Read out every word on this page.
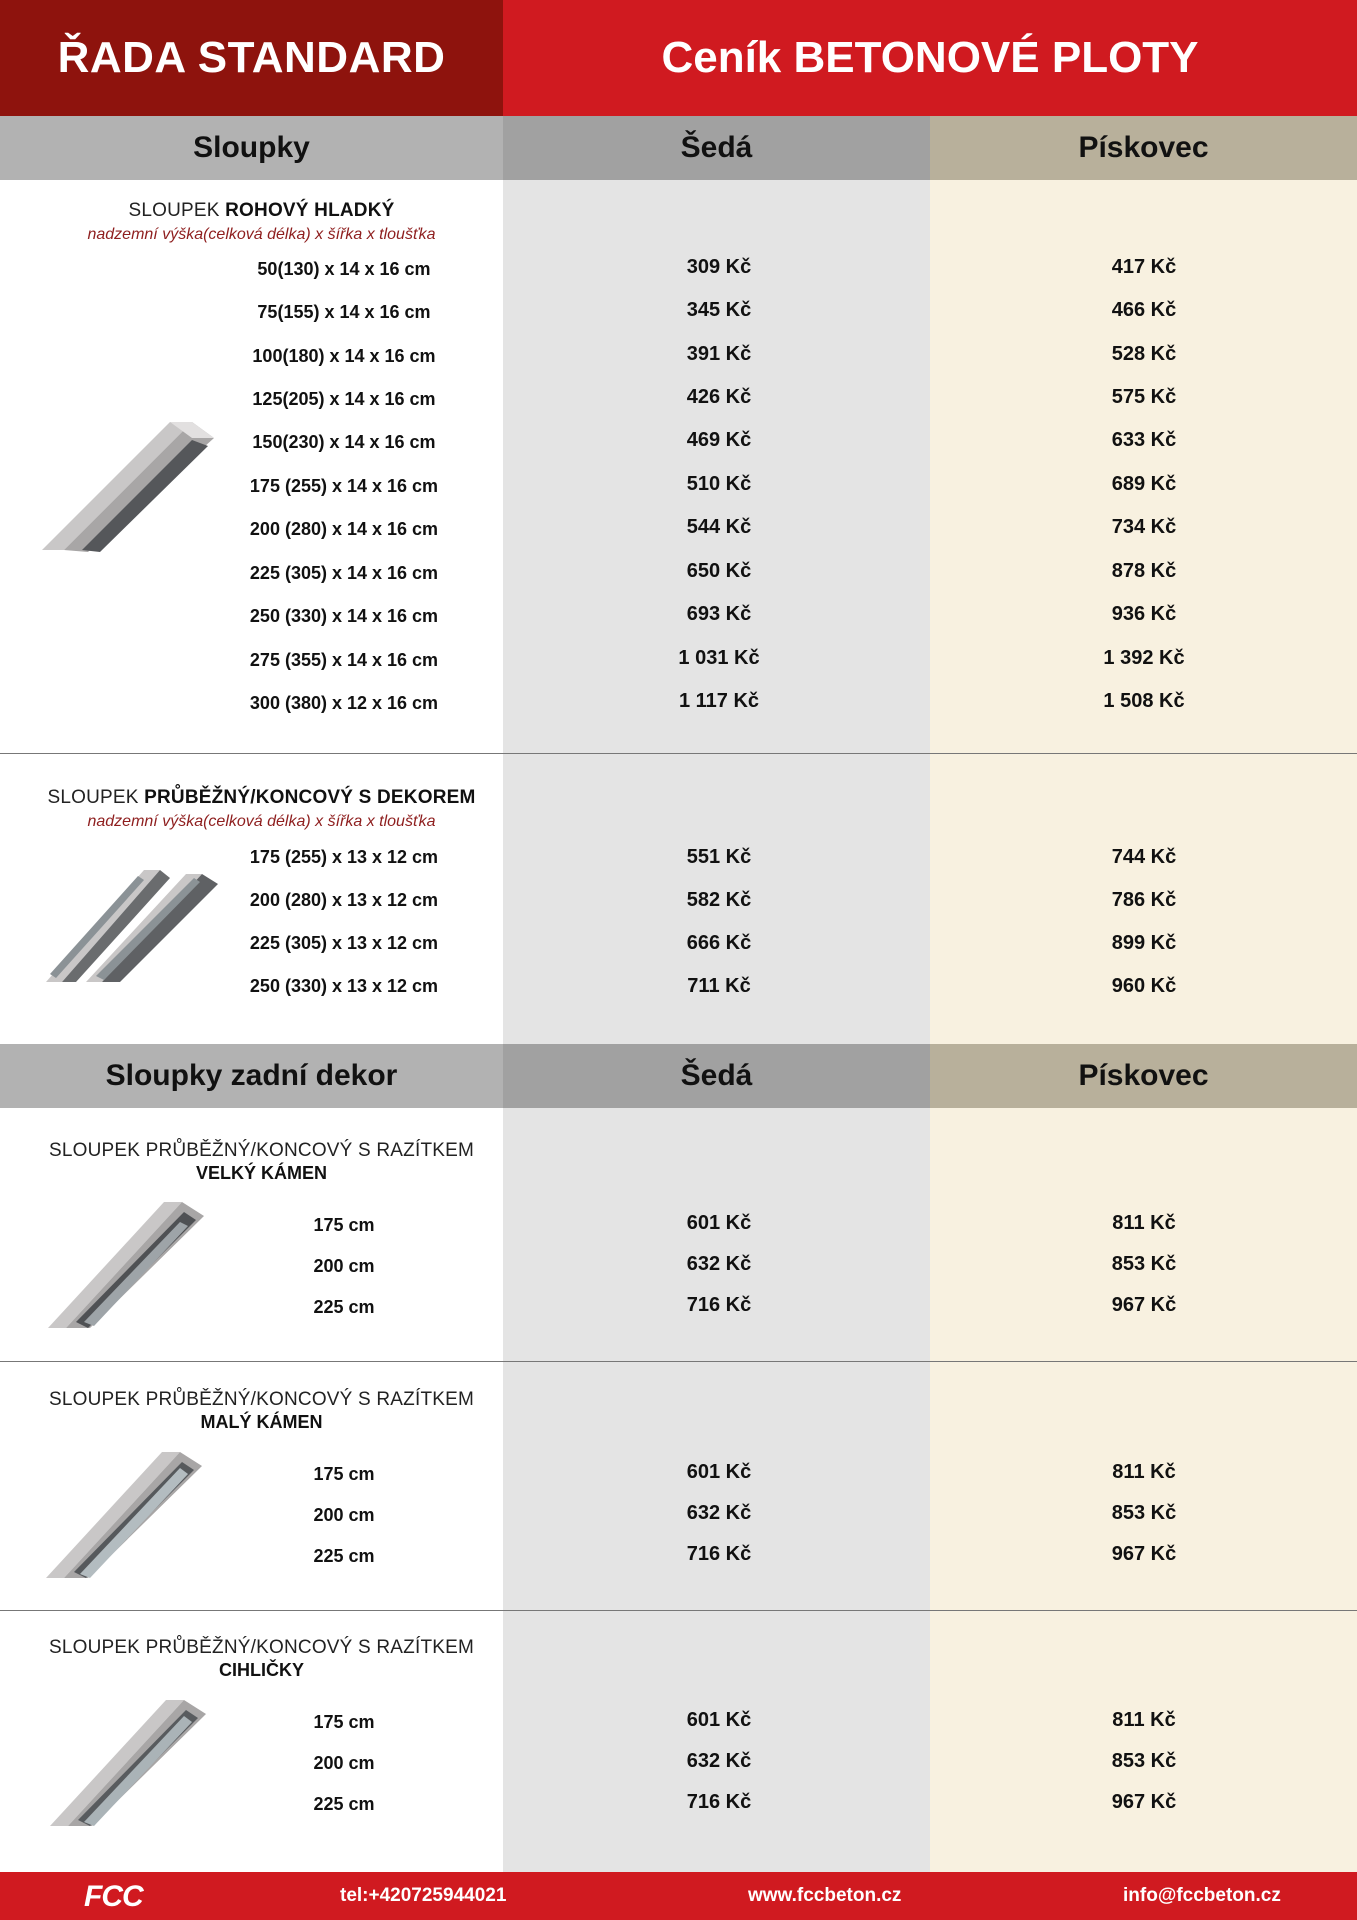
ŘADA STANDARD	Ceník BETONOVÉ PLOTY
Sloupky	Šedá	Pískovec
SLOUPEK ROHOVÝ HLADKÝ
nadzemní výška(celková délka) x šířka x tloušťka
50(130) x 14 x 16 cm	309 Kč	417 Kč
75(155) x 14 x 16 cm	345 Kč	466 Kč
100(180) x 14 x 16 cm	391 Kč	528 Kč
125(205) x 14 x 16 cm	426 Kč	575 Kč
150(230) x 14 x 16 cm	469 Kč	633 Kč
175 (255) x 14 x 16 cm	510 Kč	689 Kč
200 (280) x 14 x 16 cm	544 Kč	734 Kč
225 (305) x 14 x 16 cm	650 Kč	878 Kč
250 (330) x 14 x 16 cm	693 Kč	936 Kč
275 (355) x 14 x 16 cm	1 031 Kč	1 392 Kč
300 (380) x 12 x 16 cm	1 117 Kč	1 508 Kč
SLOUPEK PRŮBĚŽNÝ/KONCOVÝ S DEKOREM
nadzemní výška(celková délka) x šířka x tloušťka
175 (255) x 13 x 12 cm	551 Kč	744 Kč
200 (280) x 13 x 12 cm	582 Kč	786 Kč
225 (305) x 13 x 12 cm	666 Kč	899 Kč
250 (330) x 13 x 12 cm	711 Kč	960 Kč
Sloupky zadní dekor	Šedá	Pískovec
SLOUPEK PRŮBĚŽNÝ/KONCOVÝ S RAZÍTKEM
VELKÝ KÁMEN
175 cm	601 Kč	811 Kč
200 cm	632 Kč	853 Kč
225 cm	716 Kč	967 Kč
SLOUPEK PRŮBĚŽNÝ/KONCOVÝ S RAZÍTKEM
MALÝ KÁMEN
175 cm	601 Kč	811 Kč
200 cm	632 Kč	853 Kč
225 cm	716 Kč	967 Kč
SLOUPEK PRŮBĚŽNÝ/KONCOVÝ S RAZÍTKEM
CIHLIČKY
175 cm	601 Kč	811 Kč
200 cm	632 Kč	853 Kč
225 cm	716 Kč	967 Kč
FCC	tel:+420725944021	www.fccbeton.cz	info@fccbeton.cz
